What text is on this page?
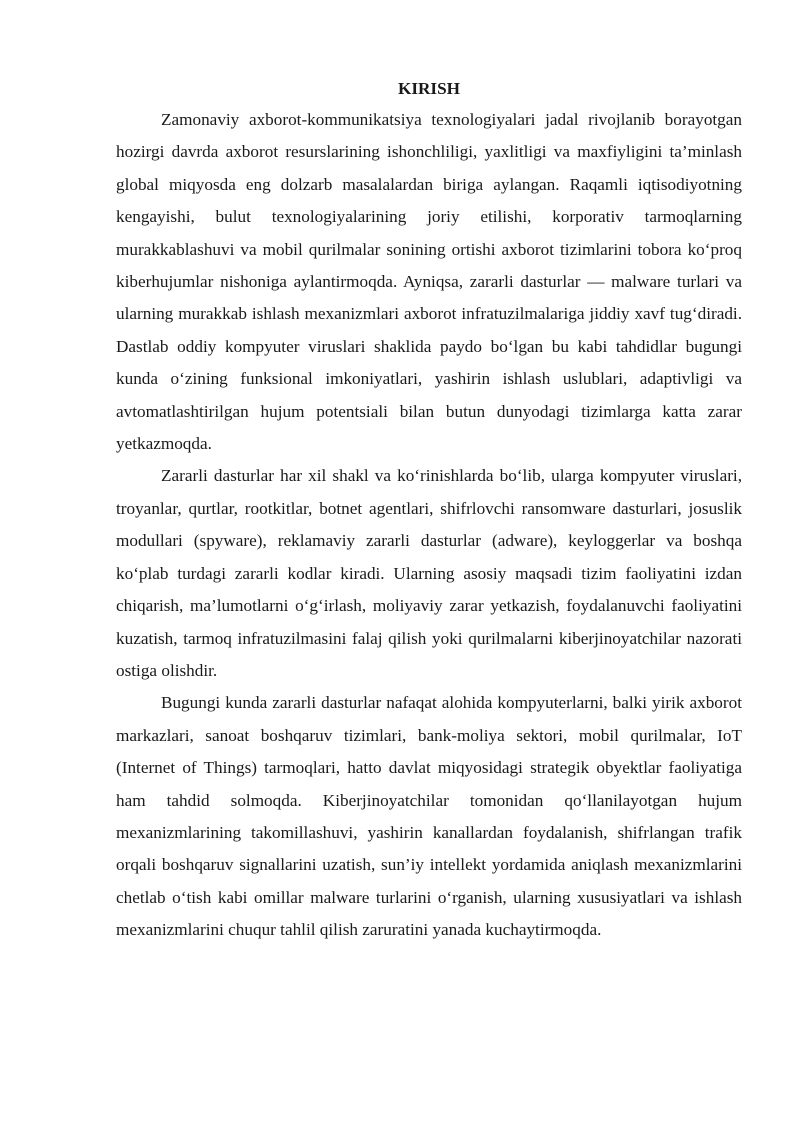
KIRISH

Zamonaviy axborot-kommunikatsiya texnologiyalari jadal rivojlanib borayotgan hozirgi davrda axborot resurslarining ishonchliligi, yaxlitligi va maxfiyligini ta’minlash global miqyosda eng dolzarb masalalardan biriga aylangan. Raqamli iqtisodiyotning kengayishi, bulut texnologiyalarining joriy etilishi, korporativ tarmoqlarning murakkablashuvi va mobil qurilmalar sonining ortishi axborot tizimlarini tobora ko‘proq kiberhujumlar nishoniga aylantirmoqda. Ayniqsa, zararli dasturlar — malware turlari va ularning murakkab ishlash mexanizmlari axborot infratuzilmalariga jiddiy xavf tug‘diradi. Dastlab oddiy kompyuter viruslari shaklida paydo bo‘lgan bu kabi tahdidlar bugungi kunda o‘zining funksional imkoniyatlari, yashirin ishlash uslublari, adaptivligi va avtomatlashtirilgan hujum potentsiali bilan butun dunyodagi tizimlarga katta zarar yetkazmoqda.

Zararli dasturlar har xil shakl va ko‘rinishlarda bo‘lib, ularga kompyuter viruslari, troyanlar, qurtlar, rootkitlar, botnet agentlari, shifrlovchi ransomware dasturlari, josuslik modullari (spyware), reklamaviy zararli dasturlar (adware), keyloggerlar va boshqa ko‘plab turdagi zararli kodlar kiradi. Ularning asosiy maqsadi tizim faoliyatini izdan chiqarish, ma’lumotlarni o‘g‘irlash, moliyaviy zarar yetkazish, foydalanuvchi faoliyatini kuzatish, tarmoq infratuzilmasini falaj qilish yoki qurilmalarni kiberjinoyatchilar nazorati ostiga olishdir.

Bugungi kunda zararli dasturlar nafaqat alohida kompyuterlarni, balki yirik axborot markazlari, sanoat boshqaruv tizimlari, bank-moliya sektori, mobil qurilmalar, IoT (Internet of Things) tarmoqlari, hatto davlat miqyosidagi strategik obyektlar faoliyatiga ham tahdid solmoqda. Kiberjinoyatchilar tomonidan qo‘llanilayotgan hujum mexanizmlarining takomillashuvi, yashirin kanallardan foydalanish, shifrlangan trafik orqali boshqaruv signallarini uzatish, sun’iy intellekt yordamida aniqlash mexanizmlarini chetlab o‘tish kabi omillar malware turlarini o‘rganish, ularning xususiyatlari va ishlash mexanizmlarini chuqur tahlil qilish zaruratini yanada kuchaytirmoqda.
